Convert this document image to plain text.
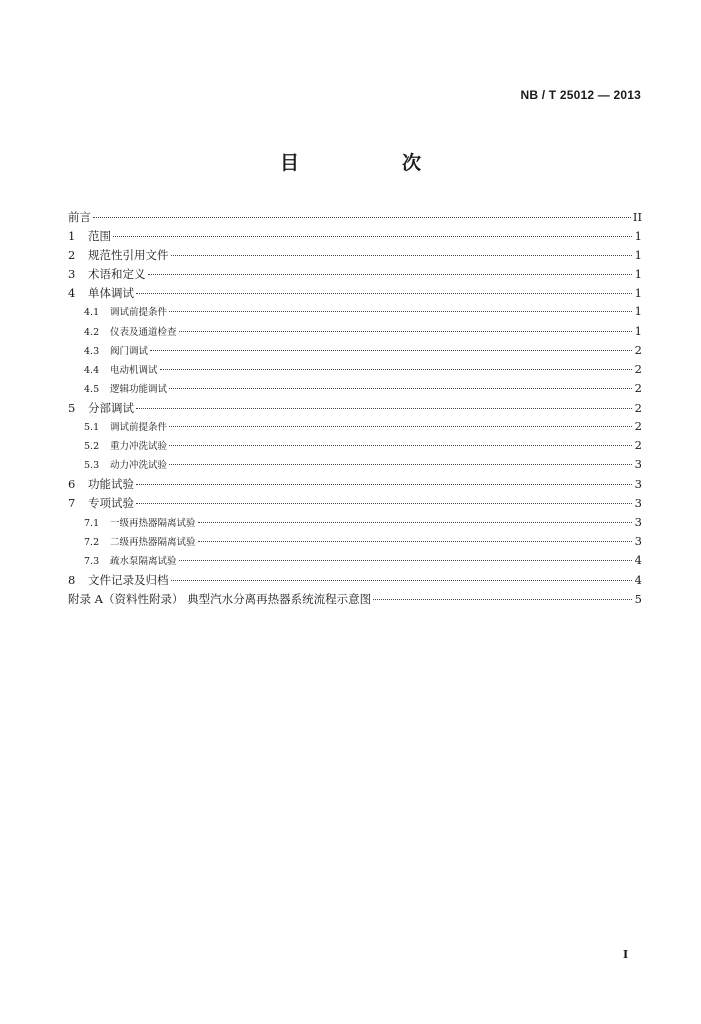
NB / T 25012 — 2013
目　次
前言	II
1	范围	1
2	规范性引用文件	1
3	术语和定义	1
4	单体调试	1
4.1	调试前提条件	1
4.2	仪表及通道检查	1
4.3	阀门调试	2
4.4	电动机调试	2
4.5	逻辑功能调试	2
5	分部调试	2
5.1	调试前提条件	2
5.2	重力冲洗试验	2
5.3	动力冲洗试验	3
6	功能试验	3
7	专项试验	3
7.1	一级再热器隔离试验	3
7.2	二级再热器隔离试验	3
7.3	疏水泵隔离试验	4
8	文件记录及归档	4
附录 A（资料性附录） 典型汽水分离再热器系统流程示意图	5
I
